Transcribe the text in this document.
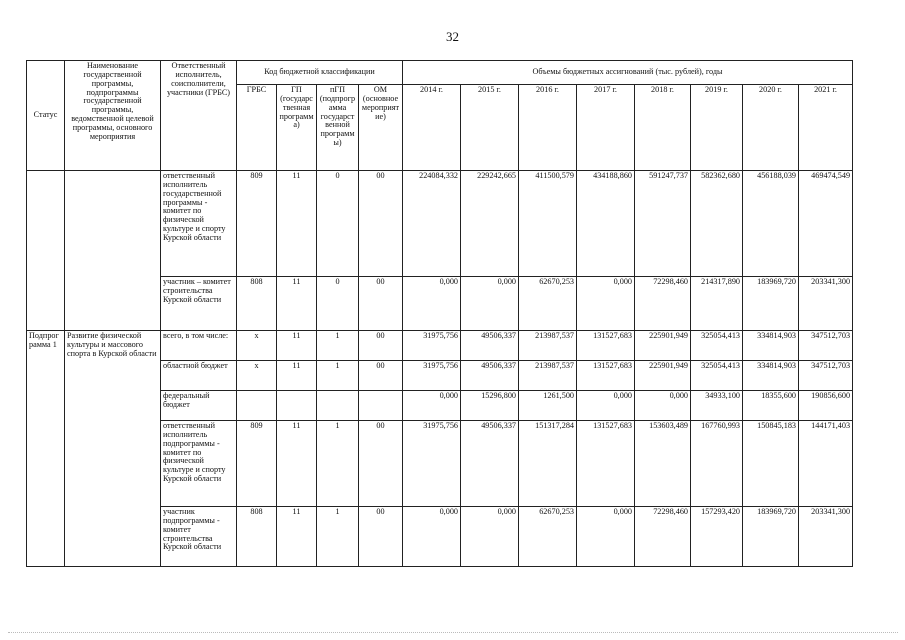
32
Статус	Наименование государственной программы, подпрограммы государственной программы, ведомственной целевой программы, основного мероприятия	Ответственный исполнитель, соисполнители, участники (ГРБС)	Код бюджетной классификации				Объемы бюджетных ассигнований (тыс. рублей), годы							
			ГРБС	ГП (государственная программа)	пГП (подпрограмма государственной программы)	ОМ (основное мероприятие)	2014 г.	2015 г.	2016 г.	2017 г.	2018 г.	2019 г.	2020 г.	2021 г.
		ответственный исполнитель государственной программы - комитет по физической культуре и спорту Курской области	809	11	0	00	224084,332	229242,665	411500,579	434188,860	591247,737	582362,680	456188,039	469474,549
		участник – комитет строительства Курской области	808	11	0	00	0,000	0,000	62670,253	0,000	72298,460	214317,890	183969,720	203341,300
Подпрограмма 1	Развитие физической культуры и массового спорта в Курской области	всего, в том числе:	х	11	1	00	31975,756	49506,337	213987,537	131527,683	225901,949	325054,413	334814,903	347512,703
		областной бюджет	х	11	1	00	31975,756	49506,337	213987,537	131527,683	225901,949	325054,413	334814,903	347512,703
		федеральный бюджет					0,000	15296,800	1261,500	0,000	0,000	34933,100	18355,600	190856,600
		ответственный исполнитель подпрограммы - комитет по физической культуре и спорту Курской области	809	11	1	00	31975,756	49506,337	151317,284	131527,683	153603,489	167760,993	150845,183	144171,403
		участник подпрограммы - комитет строительства Курской области	808	11	1	00	0,000	0,000	62670,253	0,000	72298,460	157293,420	183969,720	203341,300
